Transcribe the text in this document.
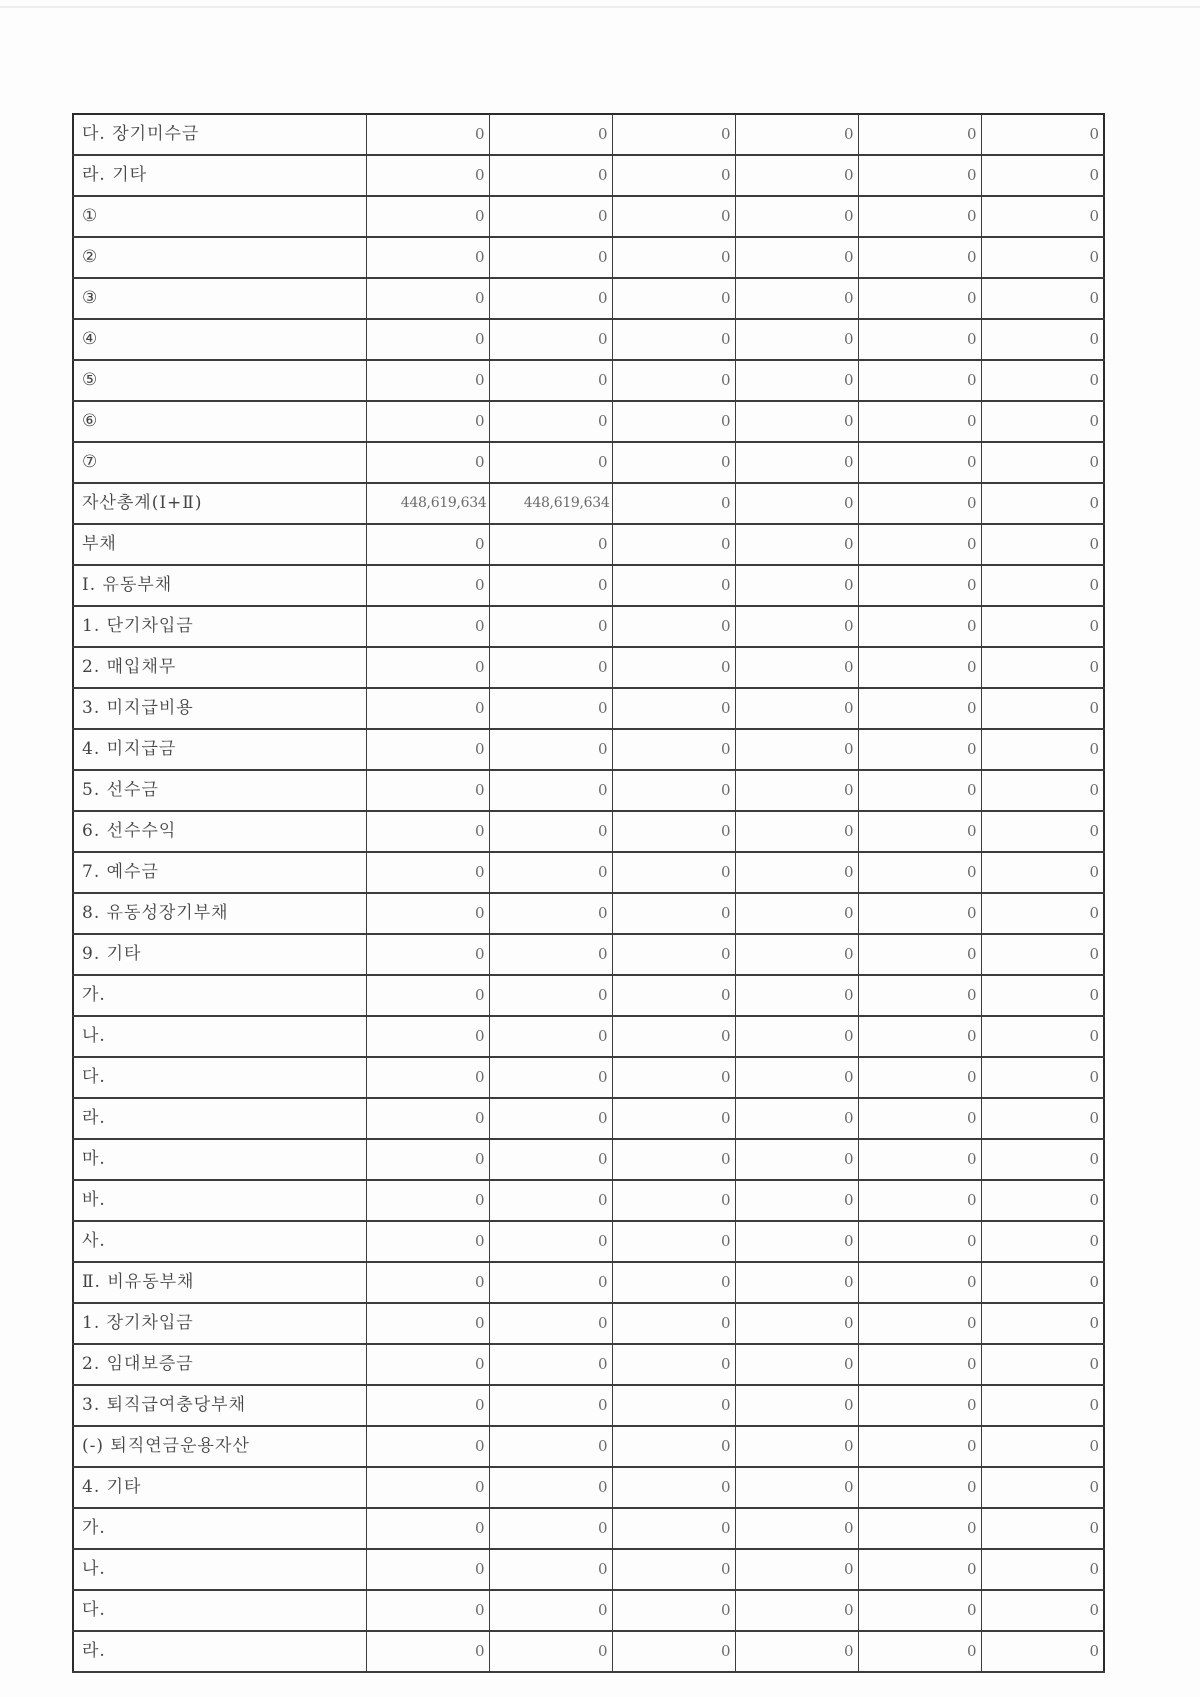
다. 장기미수금	0	0	0	0	0	0
라. 기타	0	0	0	0	0	0
①	0	0	0	0	0	0
②	0	0	0	0	0	0
③	0	0	0	0	0	0
④	0	0	0	0	0	0
⑤	0	0	0	0	0	0
⑥	0	0	0	0	0	0
⑦	0	0	0	0	0	0
자산총계(Ⅰ+Ⅱ)	448,619,634	448,619,634	0	0	0	0
부채	0	0	0	0	0	0
Ⅰ. 유동부채	0	0	0	0	0	0
1. 단기차입금	0	0	0	0	0	0
2. 매입채무	0	0	0	0	0	0
3. 미지급비용	0	0	0	0	0	0
4. 미지급금	0	0	0	0	0	0
5. 선수금	0	0	0	0	0	0
6. 선수수익	0	0	0	0	0	0
7. 예수금	0	0	0	0	0	0
8. 유동성장기부채	0	0	0	0	0	0
9. 기타	0	0	0	0	0	0
가.	0	0	0	0	0	0
나.	0	0	0	0	0	0
다.	0	0	0	0	0	0
라.	0	0	0	0	0	0
마.	0	0	0	0	0	0
바.	0	0	0	0	0	0
사.	0	0	0	0	0	0
Ⅱ. 비유동부채	0	0	0	0	0	0
1. 장기차입금	0	0	0	0	0	0
2. 임대보증금	0	0	0	0	0	0
3. 퇴직급여충당부채	0	0	0	0	0	0
(-) 퇴직연금운용자산	0	0	0	0	0	0
4. 기타	0	0	0	0	0	0
가.	0	0	0	0	0	0
나.	0	0	0	0	0	0
다.	0	0	0	0	0	0
라.	0	0	0	0	0	0
